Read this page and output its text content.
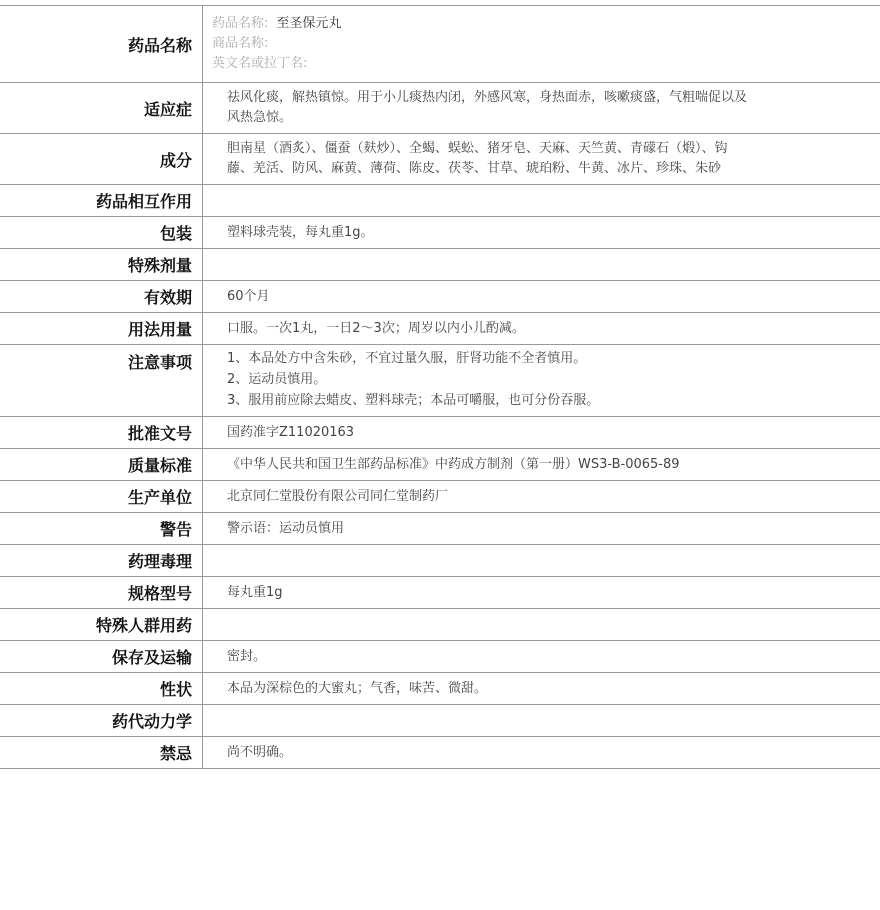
药品名称	药品名称: 至圣保元丸
商品名称:
英文名或拉丁名:

适应症	祛风化痰，解热镇惊。用于小儿痰热内闭，外感风寒，身热面赤，咳嗽痰盛，气粗喘促以及
风热急惊。

成分	胆南星（酒炙）、僵蚕（麸炒）、全蝎、蜈蚣、猪牙皂、天麻、天竺黄、青礞石（煅）、钩
藤、羌活、防风、麻黄、薄荷、陈皮、茯苓、甘草、琥珀粉、牛黄、冰片、珍珠、朱砂

药品相互作用	

包装	塑料球壳装，每丸重1g。

特殊剂量	

有效期	60个月

用法用量	口服。一次1丸，一日2～3次；周岁以内小儿酌减。

注意事项	1、本品处方中含朱砂，不宜过量久服，肝肾功能不全者慎用。
2、运动员慎用。
3、服用前应除去蜡皮、塑料球壳；本品可嚼服，也可分份吞服。

批准文号	国药准字Z11020163

质量标准	《中华人民共和国卫生部药品标准》中药成方制剂（第一册）WS3-B-0065-89

生产单位	北京同仁堂股份有限公司同仁堂制药厂

警告	警示语：运动员慎用

药理毒理	

规格型号	每丸重1g

特殊人群用药	

保存及运输	密封。

性状	本品为深棕色的大蜜丸；气香，味苦、微甜。

药代动力学	

禁忌	尚不明确。
